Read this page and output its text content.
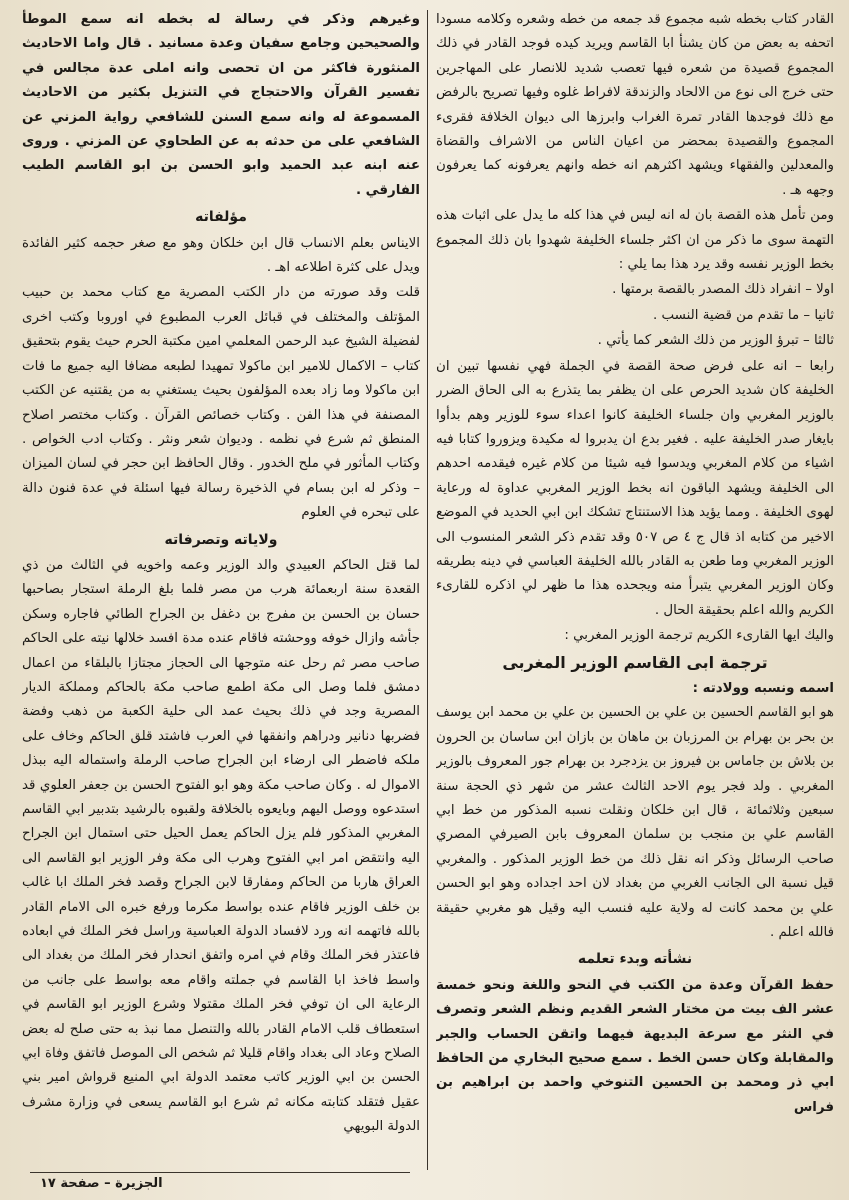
القادر كتاب بخطه شبه مجموع قد جمعه من خطه وشعره وكلامه مسودا اتحفه به بعض من كان يشنأ ابا القاسم ويريد كيده فوجد القادر في ذلك المجموع قصيدة من شعره فيها تعصب شديد للانصار على المهاجرين حتى خرج الى نوع من الالحاد والزندقة لافراط غلوه وفيها تصريح بالرفض مع ذلك فوجدها القادر تمرة الغراب وابرزها الى ديوان الخلافة فقرىء المجموع والقصيدة بمحضر من اعيان الناس من الاشراف والقضاة والمعدلين والفقهاء ويشهد اكثرهم انه خطه وانهم يعرفونه كما يعرفون وجهه هـ .

ومن تأمل هذه القصة بان له انه ليس في هذا كله ما يدل على اثبات هذه التهمة سوى ما ذكر من ان اكثر جلساء الخليفة شهدوا بان ذلك المجموع بخط الوزير نفسه وقد يرد هذا بما يلي :

اولا – انفراد ذلك المصدر بالقصة برمتها .

ثانيا – ما تقدم من قضية النسب .

ثالثا – تبرؤ الوزير من ذلك الشعر كما يأتي .

رابعا – انه على فرض صحة القصة في الجملة فهي نفسها تبين ان الخليفة كان شديد الحرص على ان يظفر بما يتذرع به الى الحاق الضرر بالوزير المغربي وان جلساء الخليفة كانوا اعداء سوء للوزير وهم بدأوا بايغار صدر الخليفة عليه . فغير بدع ان يدبروا له مكيدة ويزوروا كتابا فيه اشياء من كلام المغربي ويدسوا فيه شيئا من كلام غيره فيقدمه احدهم الى الخليفة ويشهد الباقون انه بخط الوزير المغربي عداوة له ورعاية لهوى الخليفة . ومما يؤيد هذا الاستنتاج تشكك ابن ابي الحديد في الموضع الاخير من كتابه اذ قال ج ٤ ص ٥٠٧ وقد تقدم ذكر الشعر المنسوب الى الوزير المغربي وما طعن به القادر بالله الخليفة العباسي في دينه بطريقه وكان الوزير المغربي يتبرأ منه ويجحده هذا ما ظهر لي اذكره للقارىء الكريم والله اعلم بحقيقة الحال .

واليك ايها القارىء الكريم ترجمة الوزير المغربي :

ترجمة ابى القاسم الوزير المغربى
اسمه ونسبه وولادته :

هو ابو القاسم الحسين بن علي بن الحسين بن علي بن محمد ابن يوسف بن بحر بن بهرام بن المرزبان بن ماهان بن بازان ابن ساسان بن الحرون بن بلاش بن جاماس بن فيروز بن يزدجرد بن بهرام جور المعروف بالوزير المغربي . ولد فجر يوم الاحد الثالث عشر من شهر ذي الحجة سنة سبعين وثلاثمائة ، قال ابن خلكان ونقلت نسبه المذكور من خط ابي القاسم علي بن منجب بن سلمان المعروف بابن الصيرفي المصري صاحب الرسائل وذكر انه نقل ذلك من خط الوزير المذكور . والمغربي قيل نسبة الى الجانب الغربي من بغداد لان احد اجداده وهو ابو الحسن علي بن محمد كانت له ولاية عليه فنسب اليه وقيل هو مغربي حقيقة فالله اعلم .

نشأته وبدء تعلمه

حفظ القرآن وعدة من الكتب في النحو واللغة ونحو خمسة عشر الف بيت من مختار الشعر القديم ونظم الشعر وتصرف في النثر مع سرعة البديهة فيهما واتقن الحساب والجبر والمقابلة وكان حسن الخط . سمع صحيح البخاري من الحافظ ابي ذر ومحمد بن الحسين التنوخي واحمد بن ابراهيم بن فراس

وغيرهم وذكر في رسالة له بخطه انه سمع الموطأ والصحيحين وجامع سفيان وعدة مسانيد . قال واما الاحاديث المنثورة فاكثر من ان تحصى وانه املى عدة مجالس في تفسير القرآن والاحتجاج في التنزيل بكثير من الاحاديث المسموعة له وانه سمع السنن للشافعي رواية المزني عن الشافعي على من حدثه به عن الطحاوي عن المزني . وروى عنه ابنه عبد الحميد وابو الحسن بن ابو القاسم الطيب الفارقي .

مؤلفاته

الايناس بعلم الانساب قال ابن خلكان وهو مع صغر حجمه كثير الفائدة ويدل على كثرة اطلاعه اهـ .

قلت وقد صورته من دار الكتب المصرية مع كتاب محمد بن حبيب المؤتلف والمختلف في قبائل العرب المطبوع في اوروبا وكتب اخرى لفضيلة الشيخ عبد الرحمن المعلمي امين مكتبة الحرم حيث يقوم بتحقيق كتاب – الاكمال للامير ابن ماكولا تمهيدا لطبعه مضافا اليه جميع ما فات ابن ماكولا وما زاد بعده المؤلفون بحيث يستغني به من يقتنيه عن الكتب المصنفة في هذا الفن . وكتاب خصائص القرآن . وكتاب مختصر اصلاح المنطق ثم شرع في نظمه . وديوان شعر ونثر . وكتاب ادب الخواص . وكتاب المأثور في ملح الخدور . وقال الحافظ ابن حجر في لسان الميزان – وذكر له ابن بسام في الذخيرة رسالة فيها اسئلة في عدة فنون دالة على تبحره في العلوم

ولاياته وتصرفاته

لما قتل الحاكم العبيدي والد الوزير وعمه واخويه في الثالث من ذي القعدة سنة اربعمائة هرب من مصر فلما بلغ الرملة استجار بصاحبها حسان بن الحسن بن مفرج بن دغفل بن الجراح الطائي فاجاره وسكن جأشه وازال خوفه ووحشته فاقام عنده مدة افسد خلالها نيته على الحاكم صاحب مصر ثم رحل عنه متوجها الى الحجاز مجتازا بالبلقاء من اعمال دمشق فلما وصل الى مكة اطمع صاحب مكة بالحاكم ومملكة الديار المصرية وجد في ذلك بحيث عمد الى حلية الكعبة من ذهب وفضة فضربها دنانير ودراهم وانفقها في العرب فاشتد قلق الحاكم وخاف على ملكه فاضطر الى ارضاء ابن الجراح صاحب الرملة واستماله اليه ببذل الاموال له . وكان صاحب مكة وهو ابو الفتوح الحسن بن جعفر العلوي قد استدعوه ووصل اليهم وبايعوه بالخلافة ولقبوه بالرشيد بتدبير ابي القاسم المغربي المذكور فلم يزل الحاكم يعمل الحيل حتى استمال ابن الجراح اليه وانتقض امر ابي الفتوح وهرب الى مكة وفر الوزير ابو القاسم الى العراق هاربا من الحاكم ومفارقا لابن الجراح وقصد فخر الملك ابا غالب بن خلف الوزير فاقام عنده بواسط مكرما ورفع خبره الى الامام القادر بالله فاتهمه انه ورد لافساد الدولة العباسية وراسل فخر الملك في ابعاده فاعتذر فخر الملك وقام في امره واتفق انحدار فخر الملك من بغداد الى واسط فاخذ ابا القاسم في جملته واقام معه بواسط على جانب من الرعاية الى ان توفي فخر الملك مقتولا وشرع الوزير ابو القاسم في استعطاف قلب الامام القادر بالله والتنصل مما نبذ به حتى صلح له بعض الصلاح وعاد الى بغداد واقام قليلا ثم شخص الى الموصل فاتفق وفاة ابي الحسن بن ابي الوزير كاتب معتمد الدولة ابي المنيع قرواش امير بني عقيل فتقلد كتابته مكانه ثم شرع ابو القاسم يسعى في وزارة مشرف الدولة البويهي

الجزيرة – صفحة ١٧
